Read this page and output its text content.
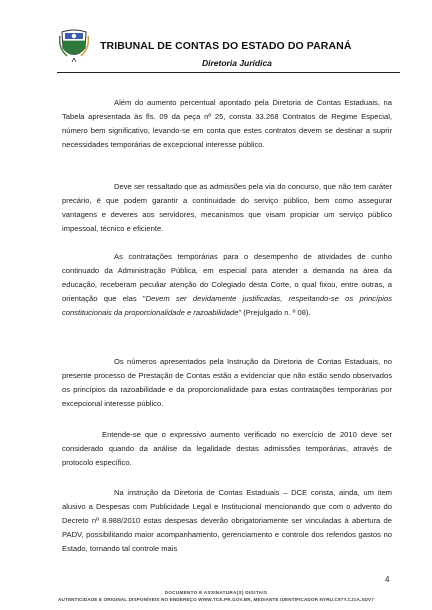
TRIBUNAL DE CONTAS DO ESTADO DO PARANÁ
Diretoria Jurídica

Além do aumento percentual apontado pela Diretoria de Contas Estaduais, na Tabela apresentada às fls. 09 da peça nº 25, consta 33.268 Contratos de Regime Especial, número bem significativo, levando-se em conta que estes contratos devem se destinar a suprir necessidades temporárias de excepcional interesse público.

Deve ser ressaltado que as admissões pela via do concurso, que não tem caráter precário, é que podem garantir a continuidade do serviço público, bem como assegurar vantagens e deveres aos servidores, mecanismos que visam propiciar um serviço público impessoal, técnico e eficiente.

As contratações temporárias para o desempenho de atividades de cunho continuado da Administração Pública, em especial para atender a demanda na área da educação, receberam peculiar atenção do Colegiado desta Corte, o qual fixou, entre outras, a orientação que elas "Devem ser devidamente justificadas, respeitando-se os princípios constitucionais da proporcionalidade e razoabilidade" (Prejulgado n. º 08).

Os números apresentados pela Instrução da Diretoria de Contas Estaduais, no presente processo de Prestação de Contas estão a evidenciar que não estão sendo observados os princípios da razoabilidade e da proporcionalidade para estas contratações temporárias por excepcional interesse público.

Entende-se que o expressivo aumento verificado no exercício de 2010 deve ser considerado quando da análise da legalidade destas admissões temporárias, através de protocolo específico.

Na instrução da Diretoria de Contas Estaduais – DCE consta, ainda, um item alusivo a Despesas com Publicidade Legal e Institucional mencionando que com o advento do Decreto nº 8.988/2010 estas despesas deverão obrigatoriamente ser vinculadas à abertura de PADV, possibilitando maior acompanhamento, gerenciamento e controle dos referidos gastos no Estado, tornando tal controle mais

4
DOCUMENTO E ASSINATURA(S) DIGITAIS
AUTENTICIDADE E ORIGINAL DISPONÍVEIS NO ENDEREÇO WWW.TCE.PR.GOV.BR, MEDIANTE IDENTIFICADOR NYRU.C97Y.CJ1A.XDV7
